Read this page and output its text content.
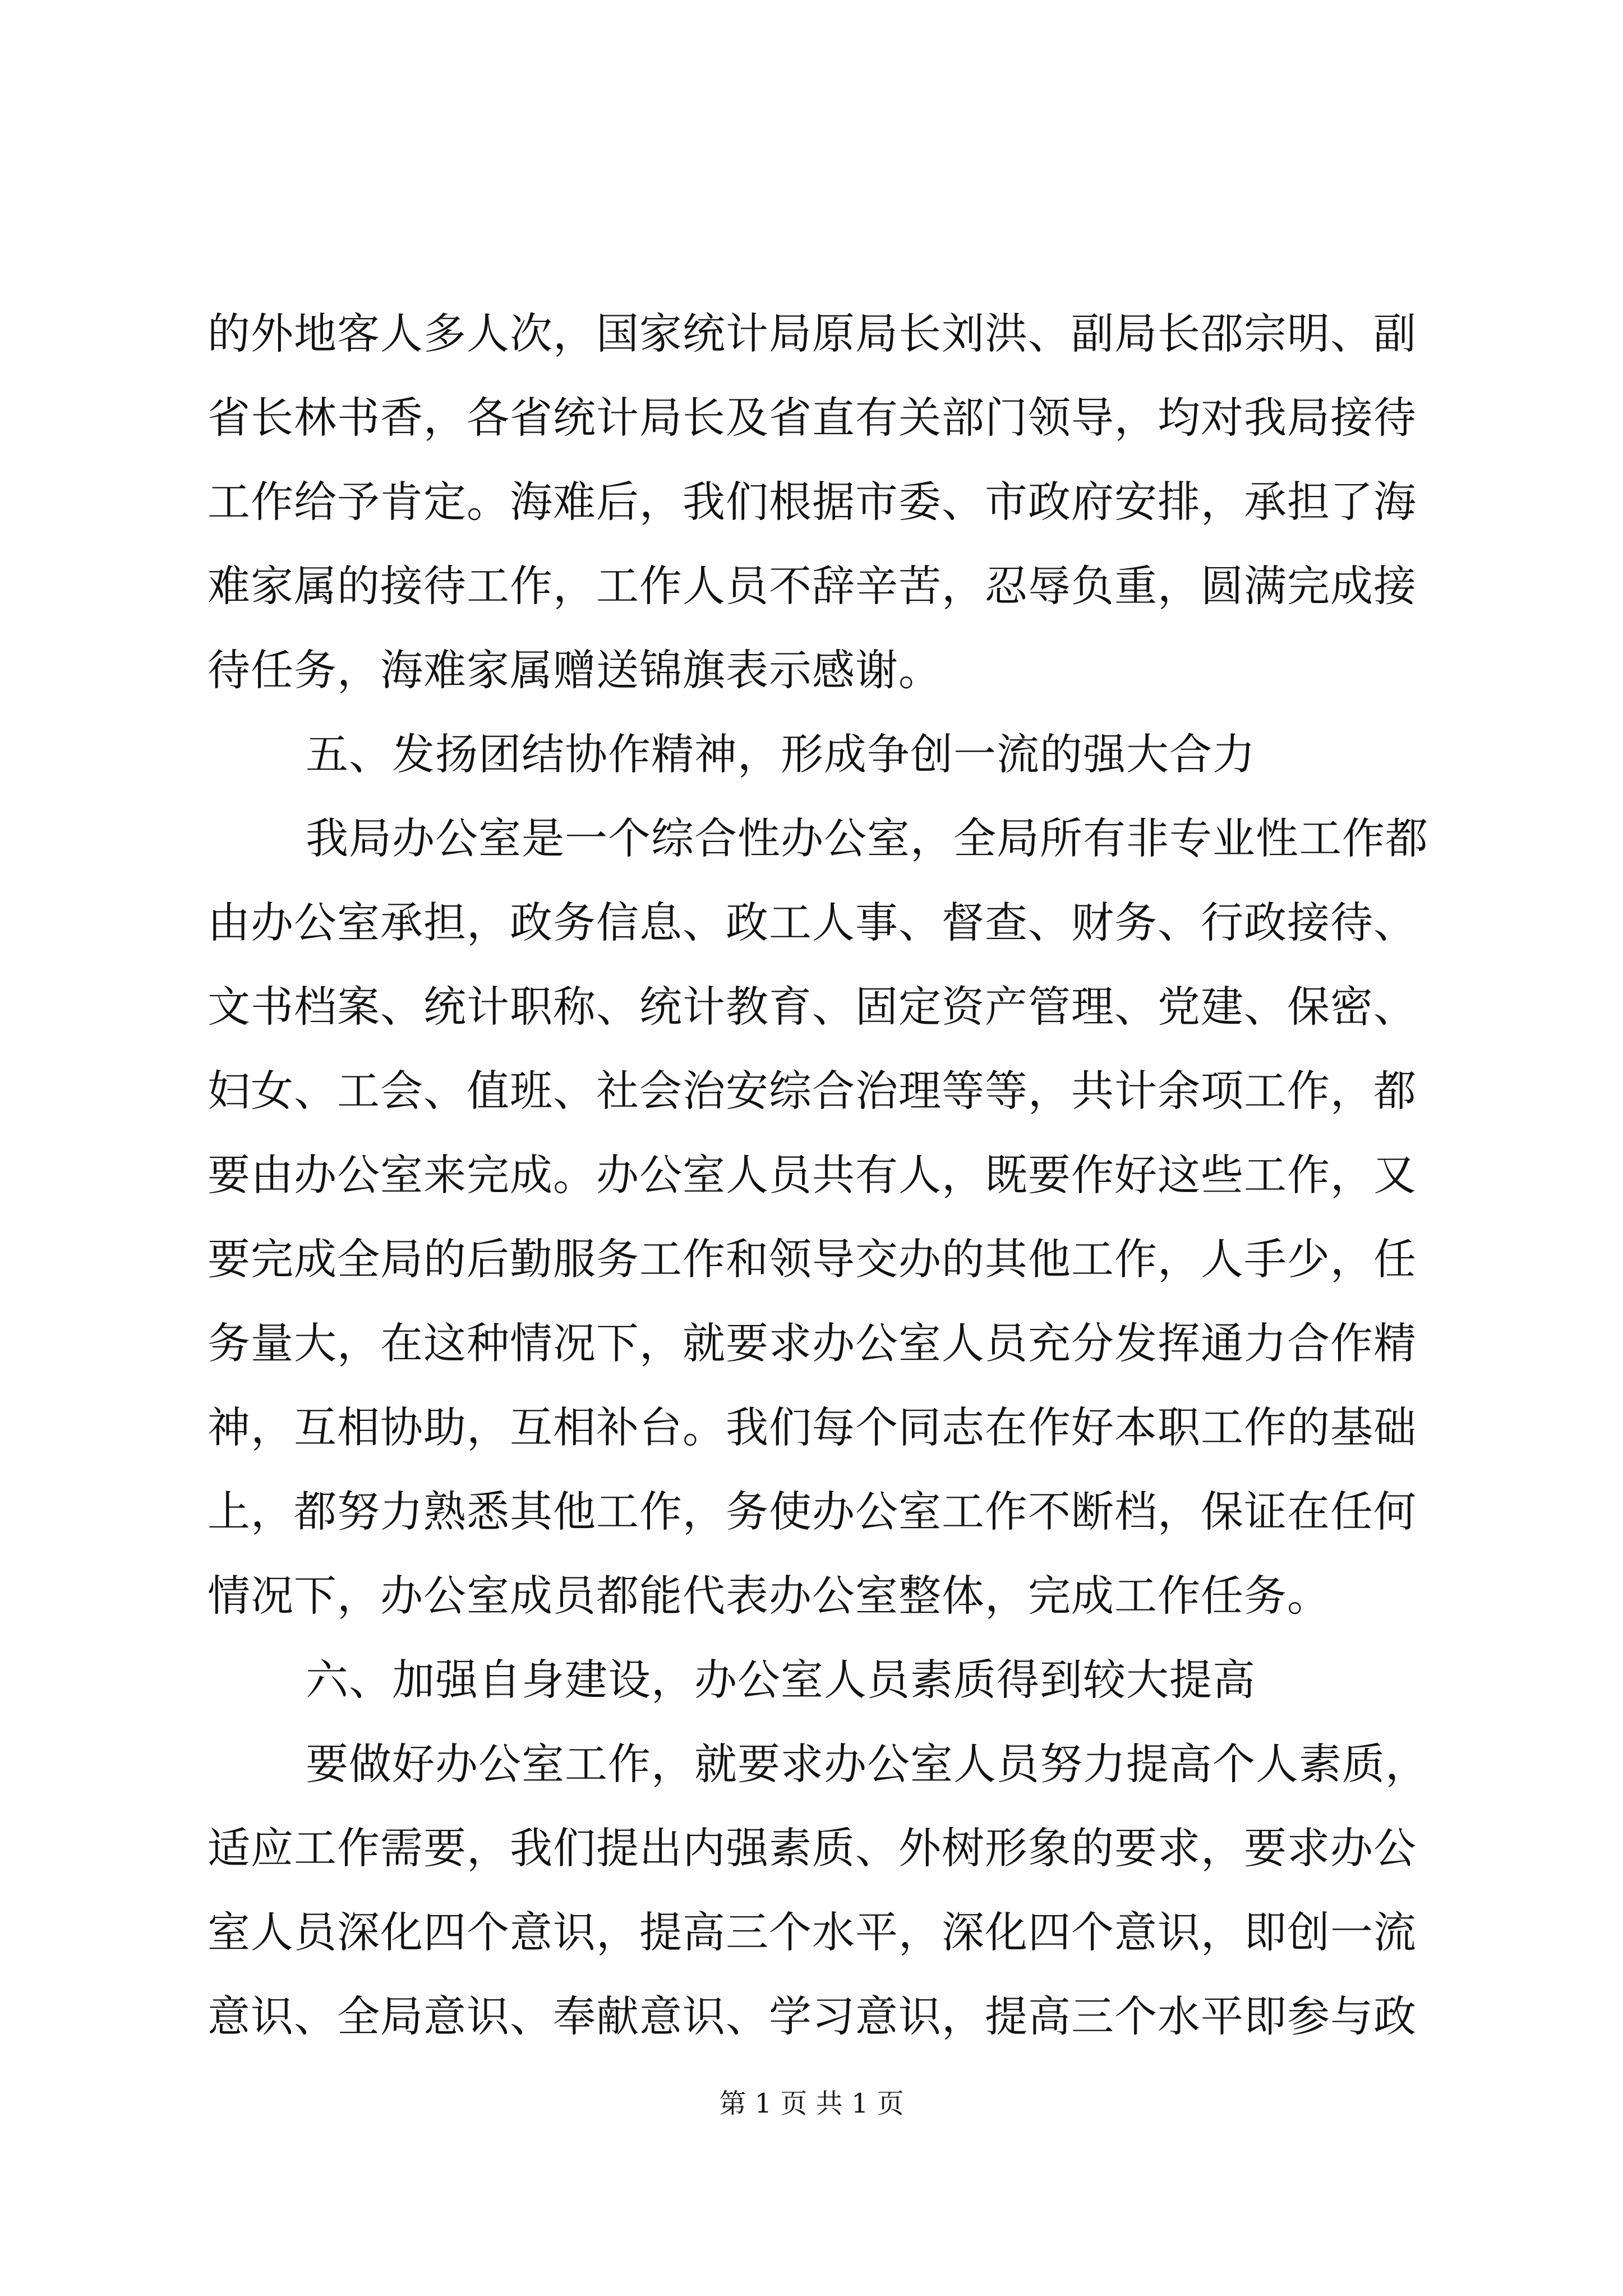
的外地客人多人次，国家统计局原局长刘洪、副局长邵宗明、副
省长林书香，各省统计局长及省直有关部门领导，均对我局接待
工作给予肯定。海难后，我们根据市委、市政府安排，承担了海
难家属的接待工作，工作人员不辞辛苦，忍辱负重，圆满完成接
待任务，海难家属赠送锦旗表示感谢。
五、发扬团结协作精神，形成争创一流的强大合力
我局办公室是一个综合性办公室，全局所有非专业性工作都
由办公室承担，政务信息、政工人事、督查、财务、行政接待、
文书档案、统计职称、统计教育、固定资产管理、党建、保密、
妇女、工会、值班、社会治安综合治理等等，共计余项工作，都
要由办公室来完成。办公室人员共有人，既要作好这些工作，又
要完成全局的后勤服务工作和领导交办的其他工作，人手少，任
务量大，在这种情况下，就要求办公室人员充分发挥通力合作精
神，互相协助，互相补台。我们每个同志在作好本职工作的基础
上，都努力熟悉其他工作，务使办公室工作不断档，保证在任何
情况下，办公室成员都能代表办公室整体，完成工作任务。
六、加强自身建设，办公室人员素质得到较大提高
要做好办公室工作，就要求办公室人员努力提高个人素质，
适应工作需要，我们提出内强素质、外树形象的要求，要求办公
室人员深化四个意识，提高三个水平，深化四个意识，即创一流
意识、全局意识、奉献意识、学习意识，提高三个水平即参与政
第 1 页 共 1 页
